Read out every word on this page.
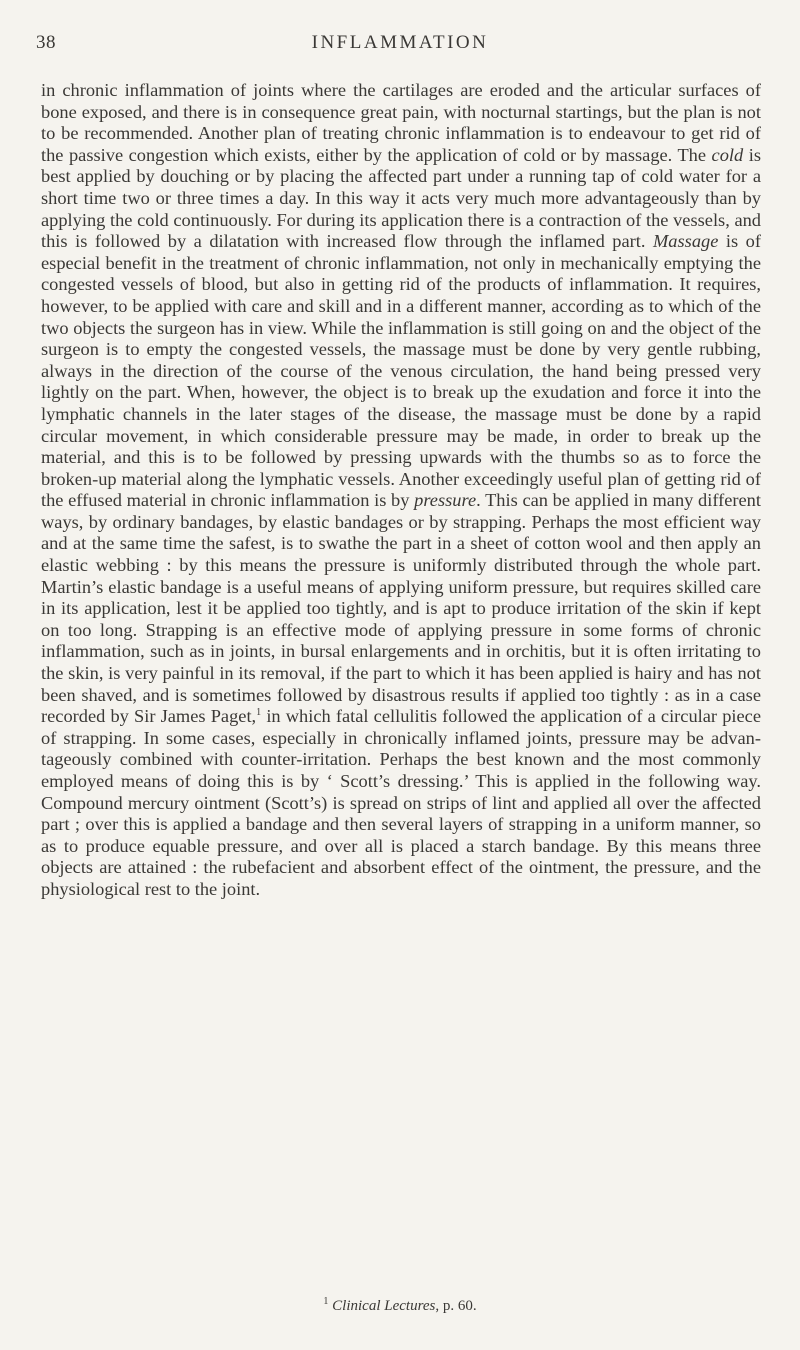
38	INFLAMMATION

in chronic inflammation of joints where the cartilages are eroded and the articular surfaces of bone exposed, and there is in consequence great pain, with nocturnal startings, but the plan is not to be recommended. Another plan of treating chronic inflammation is to endeavour to get rid of the passive congestion which exists, either by the application of cold or by massage. The cold is best applied by douching or by placing the affected part under a running tap of cold water for a short time two or three times a day. In this way it acts very much more advantageously than by applying the cold continuously. For during its application there is a contraction of the vessels, and this is followed by a dilatation with increased flow through the inflamed part. Massage is of especial benefit in the treatment of chronic inflammation, not only in mechanically emptying the congested vessels of blood, but also in getting rid of the products of inflammation. It requires, however, to be applied with care and skill and in a different manner, according as to which of the two objects the surgeon has in view. While the inflammation is still going on and the object of the surgeon is to empty the congested vessels, the massage must be done by very gentle rubbing, always in the direction of the course of the venous circulation, the hand being pressed very lightly on the part. When, however, the object is to break up the exudation and force it into the lymphatic channels in the later stages of the disease, the massage must be done by a rapid circular movement, in which considerable pressure may be made, in order to break up the material, and this is to be followed by pressing upwards with the thumbs so as to force the broken-up material along the lymphatic vessels. Another exceedingly useful plan of getting rid of the effused material in chronic inflammation is by pressure. This can be applied in many different ways, by ordinary bandages, by elastic bandages or by strapping. Perhaps the most efficient way and at the same time the safest, is to swathe the part in a sheet of cotton wool and then apply an elastic webbing : by this means the pressure is uniformly distributed through the whole part. Martin’s elastic bandage is a useful means of applying uniform pressure, but requires skilled care in its application, lest it be applied too tightly, and is apt to produce irritation of the skin if kept on too long. Strapping is an effective mode of applying pressure in some forms of chronic inflammation, such as in joints, in bursal enlargements and in orchitis, but it is often irritating to the skin, is very painful in its removal, if the part to which it has been applied is hairy and has not been shaved, and is sometimes followed by disastrous results if applied too tightly : as in a case recorded by Sir James Paget,$^1$ in which fatal cellulitis followed the application of a circular piece of strapping. In some cases, especially in chronically inflamed joints, pressure may be advantageously combined with counter-irritation. Perhaps the best known and the most commonly employed means of doing this is by ‘ Scott’s dressing.’ This is applied in the following way. Compound mercury ointment (Scott’s) is spread on strips of lint and applied all over the affected part ; over this is applied a bandage and then several layers of strapping in a uniform manner, so as to produce equable pressure, and over all is placed a starch bandage. By this means three objects are attained : the rubefacient and absorbent effect of the ointment, the pressure, and the physiological rest to the joint.

$^1$ Clinical Lectures, p. 60.
